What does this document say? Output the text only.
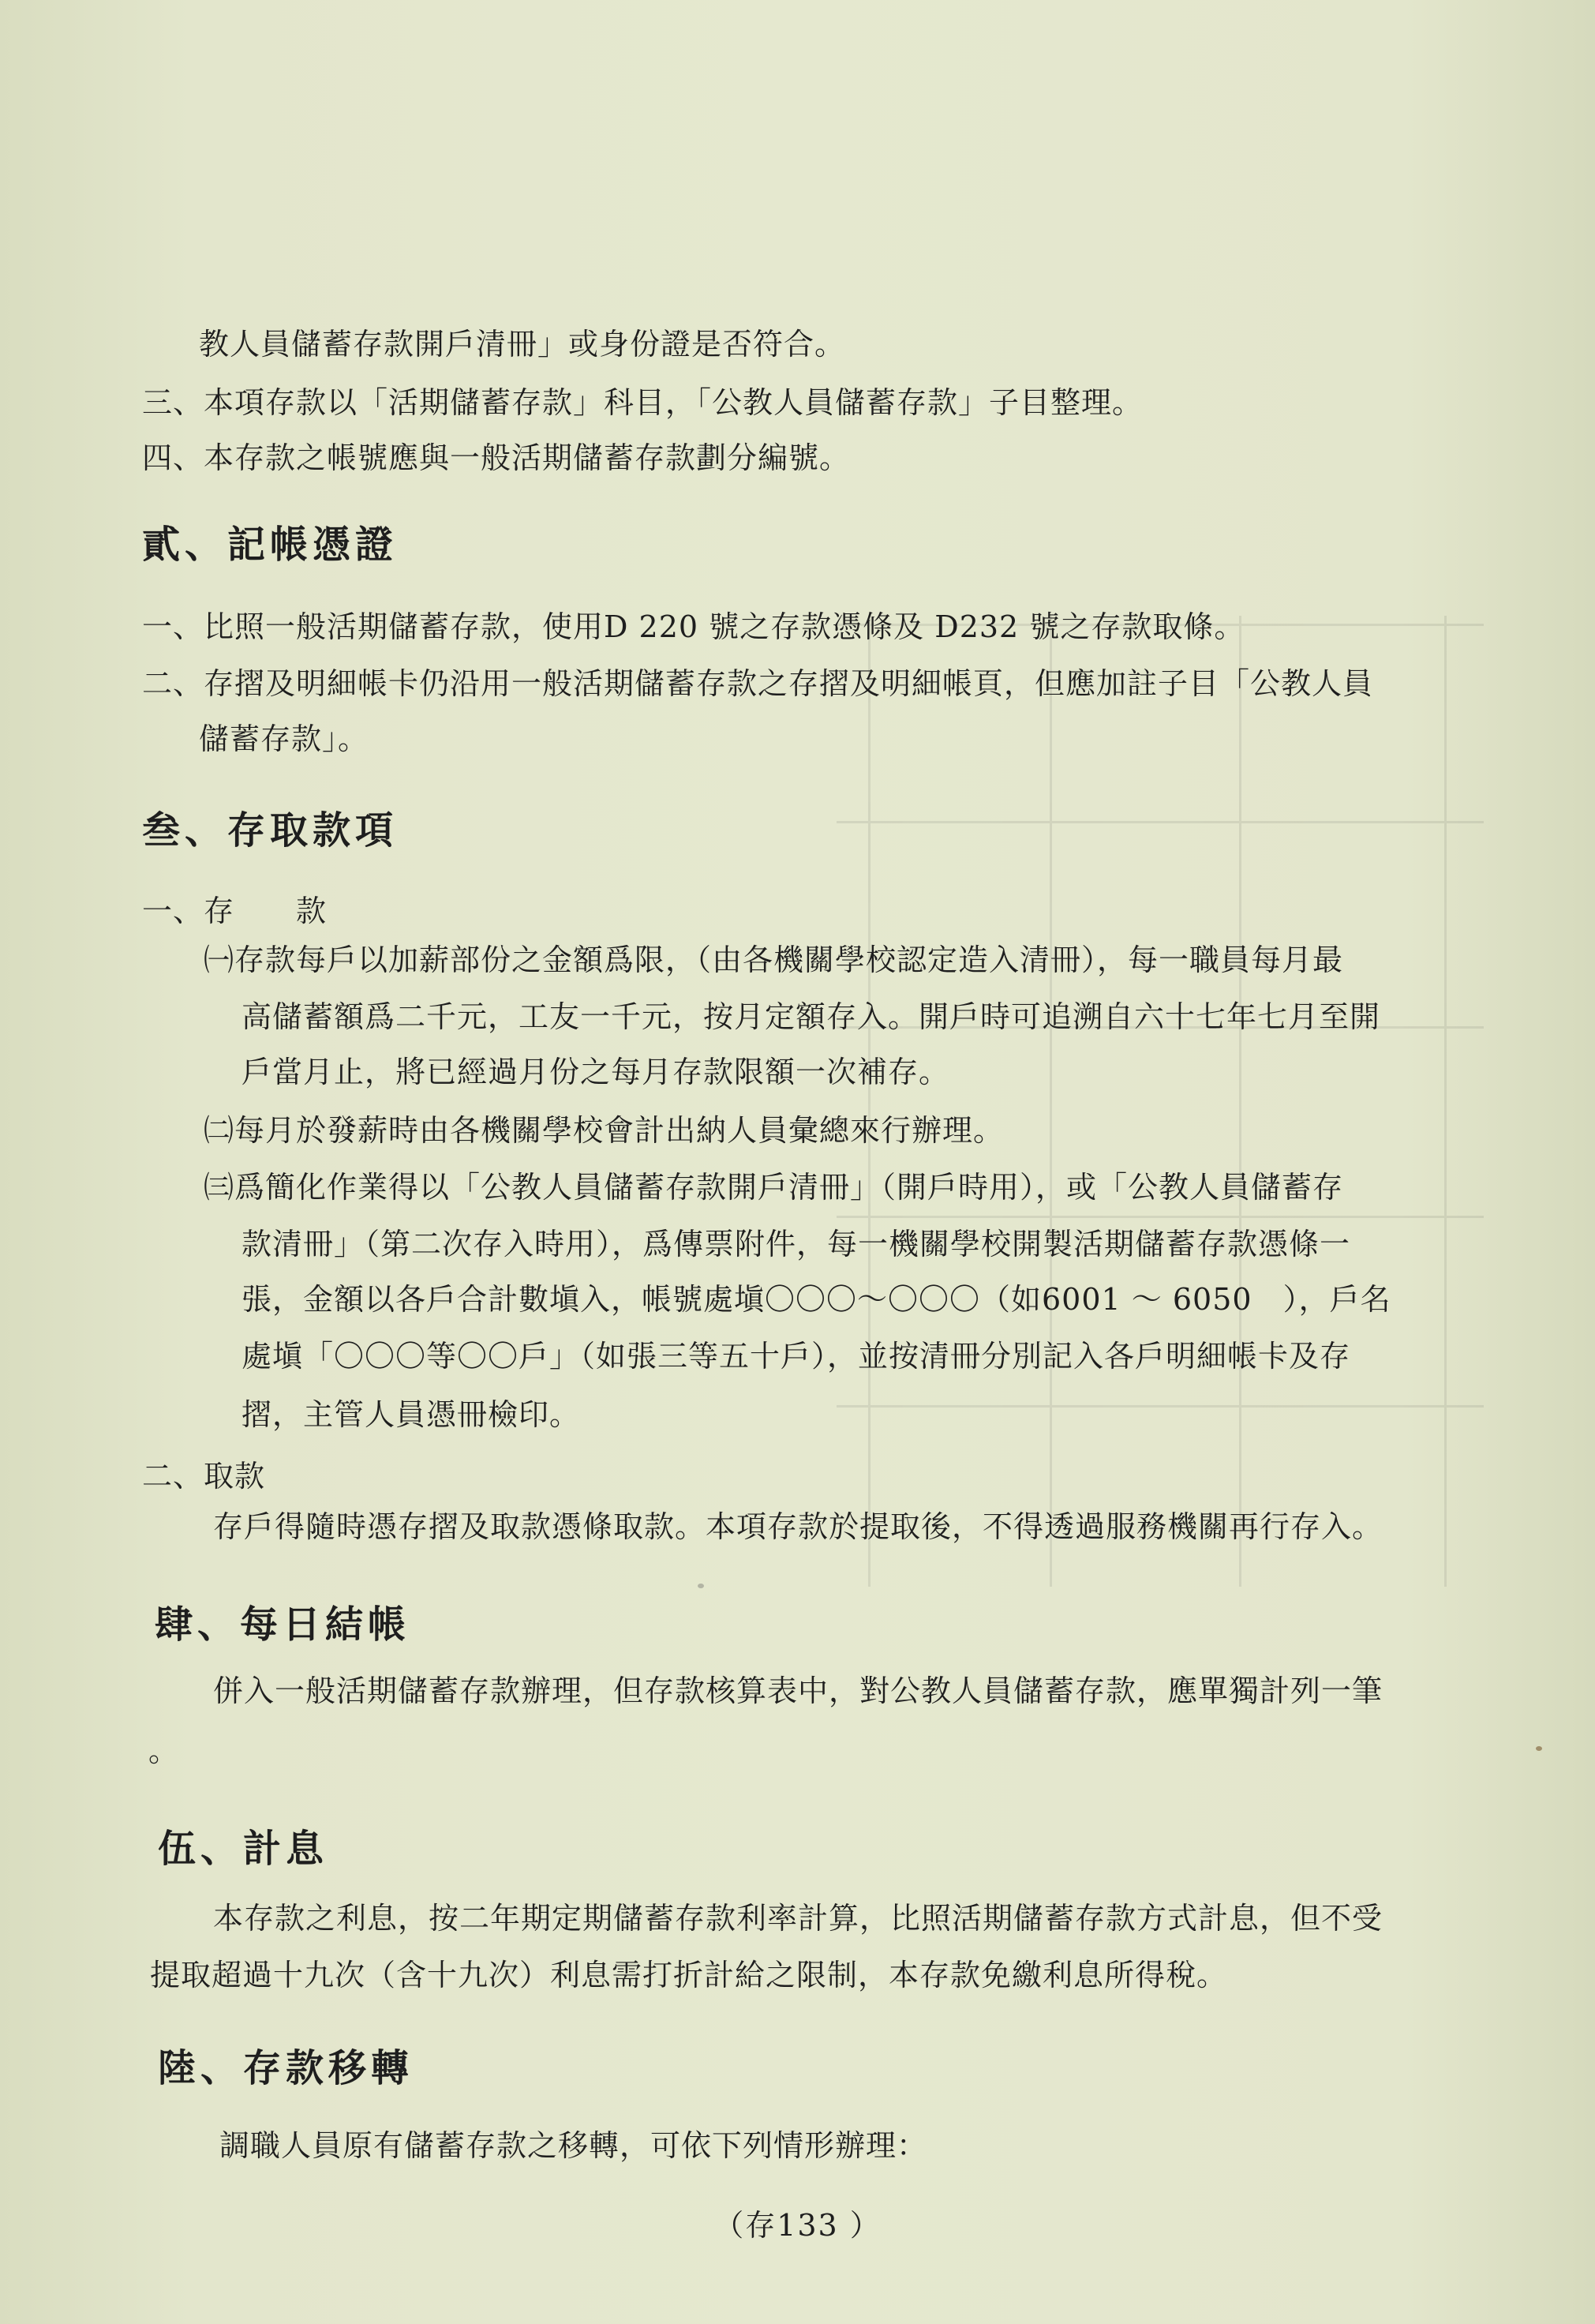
教人員儲蓄存款開戶清冊」或身份證是否符合。
三、本項存款以「活期儲蓄存款」科目，「公教人員儲蓄存款」子目整理。
四、本存款之帳號應與一般活期儲蓄存款劃分編號。
貳、記帳憑證
一、比照一般活期儲蓄存款，使用D 220 號之存款憑條及 D232 號之存款取條。
二、存摺及明細帳卡仍沿用一般活期儲蓄存款之存摺及明細帳頁，但應加註子目「公教人員
儲蓄存款」。
叁、存取款項
一、存　　款
㈠存款每戶以加薪部份之金額爲限，（由各機關學校認定造入清冊），每一職員每月最
高儲蓄額爲二千元，工友一千元，按月定額存入。開戶時可追溯自六十七年七月至開
戶當月止，將已經過月份之每月存款限額一次補存。
㈡每月於發薪時由各機關學校會計出納人員彙總來行辦理。
㈢爲簡化作業得以「公教人員儲蓄存款開戶清冊」（開戶時用），或「公教人員儲蓄存
款清冊」（第二次存入時用），爲傳票附件，每一機關學校開製活期儲蓄存款憑條一
張，金額以各戶合計數塡入，帳號處塡〇〇〇～〇〇〇（如6001 ～ 6050　），戶名
處塡「〇〇〇等〇〇戶」（如張三等五十戶），並按清冊分別記入各戶明細帳卡及存
摺，主管人員憑冊檢印。
二、取款
存戶得隨時憑存摺及取款憑條取款。本項存款於提取後，不得透過服務機關再行存入。
肆、每日結帳
併入一般活期儲蓄存款辦理，但存款核算表中，對公教人員儲蓄存款，應單獨計列一筆
。
伍、計息
本存款之利息，按二年期定期儲蓄存款利率計算，比照活期儲蓄存款方式計息，但不受
提取超過十九次（含十九次）利息需打折計給之限制，本存款免繳利息所得稅。
陸、存款移轉
調職人員原有儲蓄存款之移轉，可依下列情形辦理：
（存133 ）
